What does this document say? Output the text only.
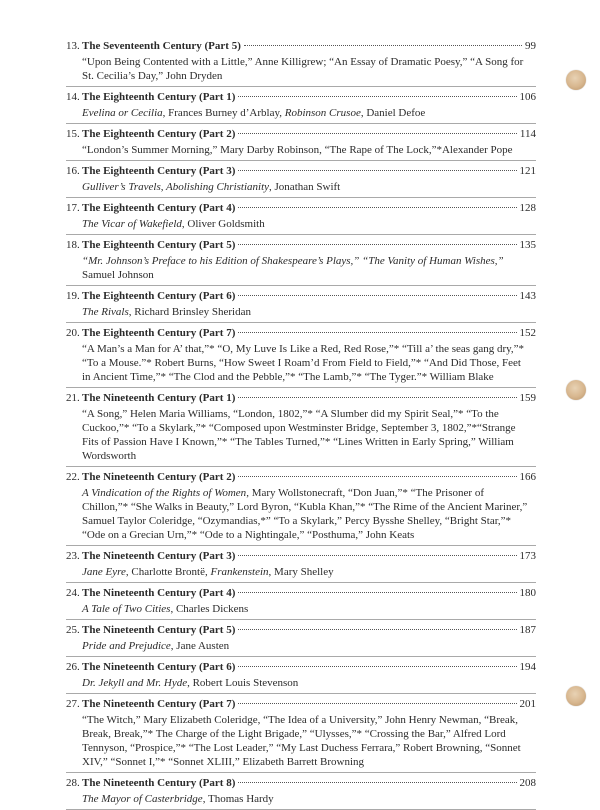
13. The Seventeenth Century (Part 5)	99
“Upon Being Contented with a Little,” Anne Killigrew; “An Essay of Dramatic Poesy,” “A Song for St. Cecilia’s Day,” John Dryden
14. The Eighteenth Century (Part 1)	106
Evelina or Cecilia, Frances Burney d’Arblay, Robinson Crusoe, Daniel Defoe
15. The Eighteenth Century (Part 2)	114
“London’s Summer Morning,” Mary Darby Robinson, “The Rape of The Lock,”*Alexander Pope
16. The Eighteenth Century (Part 3)	121
Gulliver’s Travels, Abolishing Christianity, Jonathan Swift
17. The Eighteenth Century (Part 4)	128
The Vicar of Wakefield, Oliver Goldsmith
18. The Eighteenth Century (Part 5)	135
“Mr. Johnson’s Preface to his Edition of Shakespeare’s Plays,” “The Vanity of Human Wishes,” Samuel Johnson
19. The Eighteenth Century (Part 6)	143
The Rivals, Richard Brinsley Sheridan
20. The Eighteenth Century (Part 7)	152
“A Man’s a Man for A’ that,”* “O, My Luve Is Like a Red, Red Rose,”* “Till a’ the seas gang dry,”* “To a Mouse.”* Robert Burns, “How Sweet I Roam’d From Field to Field,”* “And Did Those, Feet in Ancient Time,”* “The Clod and the Pebble,”* “The Lamb,”* “The Tyger.”* William Blake
21. The Nineteenth Century (Part 1)	159
“A Song,” Helen Maria Williams, “London, 1802,”* “A Slumber did my Spirit Seal,”* “To the Cuckoo,”* “To a Skylark,”* “Composed upon Westminster Bridge, September 3, 1802,”*“Strange Fits of Passion Have I Known,”* “The Tables Turned,”* “Lines Written in Early Spring,” William Wordsworth
22. The Nineteenth Century (Part 2)	166
A Vindication of the Rights of Women, Mary Wollstonecraft, “Don Juan,”* “The Prisoner of Chillon,”* “She Walks in Beauty,” Lord Byron, “Kubla Khan,”* “The Rime of the Ancient Mariner,” Samuel Taylor Coleridge, “Ozymandias,*” “To a Skylark,” Percy Bysshe Shelley, “Bright Star,”* “Ode on a Grecian Urn,”* “Ode to a Nightingale,” “Posthuma,” John Keats
23. The Nineteenth Century (Part 3)	173
Jane Eyre, Charlotte Brontë, Frankenstein, Mary Shelley
24. The Nineteenth Century (Part 4)	180
A Tale of Two Cities, Charles Dickens
25. The Nineteenth Century (Part 5)	187
Pride and Prejudice, Jane Austen
26. The Nineteenth Century (Part 6)	194
Dr. Jekyll and Mr. Hyde, Robert Louis Stevenson
27. The Nineteenth Century (Part 7)	201
“The Witch,” Mary Elizabeth Coleridge, “The Idea of a University,” John Henry Newman, “Break, Break, Break,”* The Charge of the Light Brigade,” “Ulysses,”* “Crossing the Bar,” Alfred Lord Tennyson, “Prospice,”* “The Lost Leader,” “My Last Duchess Ferrara,” Robert Browning, “Sonnet XIV,” “Sonnet I,”* “Sonnet XLIII,” Elizabeth Barrett Browning
28. The Nineteenth Century (Part 8)	208
The Mayor of Casterbridge, Thomas Hardy
